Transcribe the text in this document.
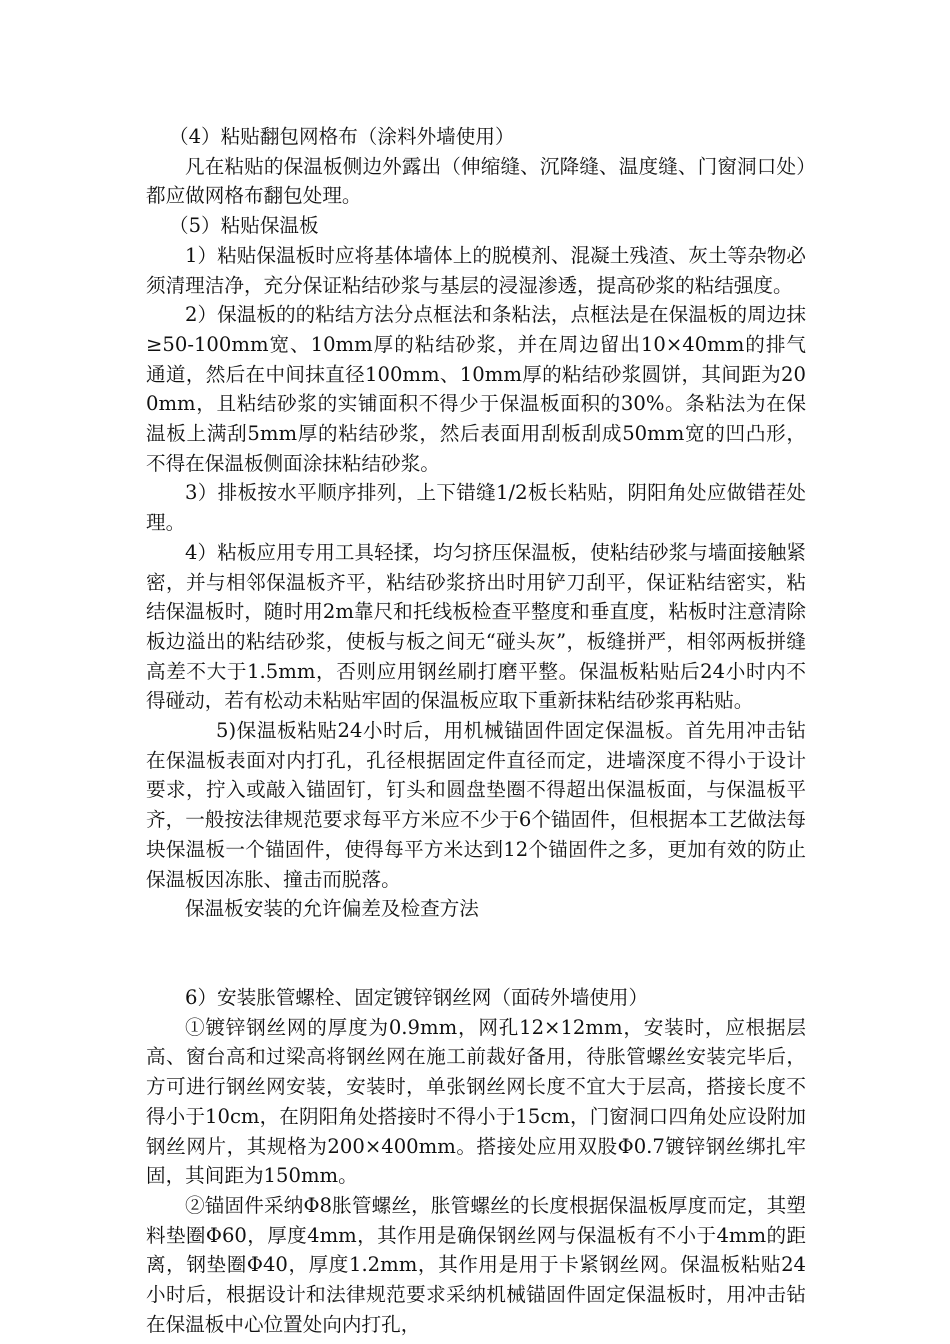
（4）粘贴翻包网格布（涂料外墙使用）

凡在粘贴的保温板侧边外露出（伸缩缝、沉降缝、温度缝、门窗洞口处）都应做网格布翻包处理。

（5）粘贴保温板

1）粘贴保温板时应将基体墙体上的脱模剂、混凝土残渣、灰土等杂物必须清理洁净，充分保证粘结砂浆与基层的浸湿渗透，提高砂浆的粘结强度。

2）保温板的的粘结方法分点框法和条粘法，点框法是在保温板的周边抹≥50-100mm宽、10mm厚的粘结砂浆，并在周边留出10×40mm的排气通道，然后在中间抹直径100mm、10mm厚的粘结砂浆圆饼，其间距为200mm，且粘结砂浆的实铺面积不得少于保温板面积的30%。条粘法为在保温板上满刮5mm厚的粘结砂浆，然后表面用刮板刮成50mm宽的凹凸形，不得在保温板侧面涂抹粘结砂浆。

3）排板按水平顺序排列，上下错缝1/2板长粘贴，阴阳角处应做错茬处理。

4）粘板应用专用工具轻揉，均匀挤压保温板，使粘结砂浆与墙面接触紧密，并与相邻保温板齐平，粘结砂浆挤出时用铲刀刮平，保证粘结密实，粘结保温板时，随时用2m靠尺和托线板检查平整度和垂直度，粘板时注意清除板边溢出的粘结砂浆，使板与板之间无“碰头灰”，板缝拼严，相邻两板拼缝高差不大于1.5mm，否则应用钢丝刷打磨平整。保温板粘贴后24小时内不得碰动，若有松动未粘贴牢固的保温板应取下重新抹粘结砂浆再粘贴。

5)保温板粘贴24小时后，用机械锚固件固定保温板。首先用冲击钻在保温板表面对内打孔，孔径根据固定件直径而定，进墙深度不得小于设计要求，拧入或敲入锚固钉，钉头和圆盘垫圈不得超出保温板面，与保温板平齐，一般按法律规范要求每平方米应不少于6个锚固件，但根据本工艺做法每块保温板一个锚固件，使得每平方米达到12个锚固件之多，更加有效的防止保温板因冻胀、撞击而脱落。

保温板安装的允许偏差及检查方法

6）安装胀管螺栓、固定镀锌钢丝网（面砖外墙使用）

①镀锌钢丝网的厚度为0.9mm，网孔12×12mm，安装时，应根据层高、窗台高和过梁高将钢丝网在施工前裁好备用，待胀管螺丝安装完毕后，方可进行钢丝网安装，安装时，单张钢丝网长度不宜大于层高，搭接长度不得小于10cm，在阴阳角处搭接时不得小于15cm，门窗洞口四角处应设附加钢丝网片，其规格为200×400mm。搭接处应用双股Φ0.7镀锌钢丝绑扎牢固，其间距为150mm。

②锚固件采纳Φ8胀管螺丝，胀管螺丝的长度根据保温板厚度而定，其塑料垫圈Φ60，厚度4mm，其作用是确保钢丝网与保温板有不小于4mm的距离，钢垫圈Φ40，厚度1.2mm，其作用是用于卡紧钢丝网。保温板粘贴24小时后，根据设计和法律规范要求采纳机械锚固件固定保温板时，用冲击钻在保温板中心位置处向内打孔，
